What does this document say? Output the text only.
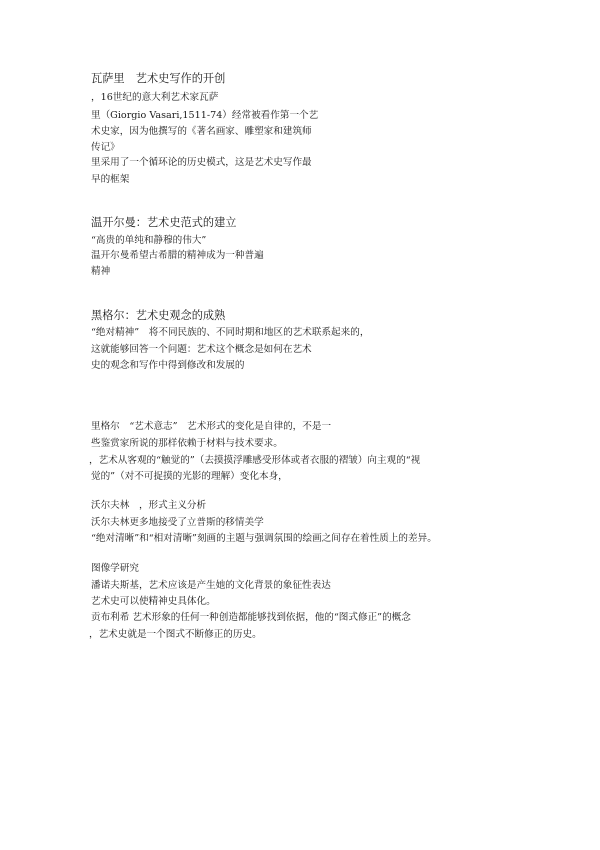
瓦萨里　艺术史写作的开创
，16世纪的意大利艺术家瓦萨
里（Giorgio Vasari,1511-74）经常被看作第一个艺
术史家，因为他撰写的《著名画家、雕塑家和建筑师
传记》
里采用了一个循环论的历史模式，这是艺术史写作最
早的框架
温开尔曼：艺术史范式的建立
“高贵的单纯和静穆的伟大”
温开尔曼希望古希腊的精神成为一种普遍
精神
黑格尔：艺术史观念的成熟
“绝对精神”　将不同民族的、不同时期和地区的艺术联系起来的，
这就能够回答一个问题：艺术这个概念是如何在艺术
史的观念和写作中得到修改和发展的
里格尔　“艺术意志”　艺术形式的变化是自律的，不是一
些鉴赏家所说的那样依赖于材料与技术要求。
，艺术从客观的“触觉的”（去摸摸浮雕感受形体或者衣服的褶皱）向主观的“视
觉的”（对不可捉摸的光影的理解）变化本身，
沃尔夫林　，形式主义分析
沃尔夫林更多地接受了立普斯的移情美学
“绝对清晰”和“相对清晰”刻画的主题与强调氛围的绘画之间存在着性质上的差异。
图像学研究
潘诺夫斯基，艺术应该是产生她的文化背景的象征性表达
艺术史可以使精神史具体化。
贡布利希 艺术形象的任何一种创造都能够找到依据，他的“图式修正”的概念
，艺术史就是一个图式不断修正的历史。
